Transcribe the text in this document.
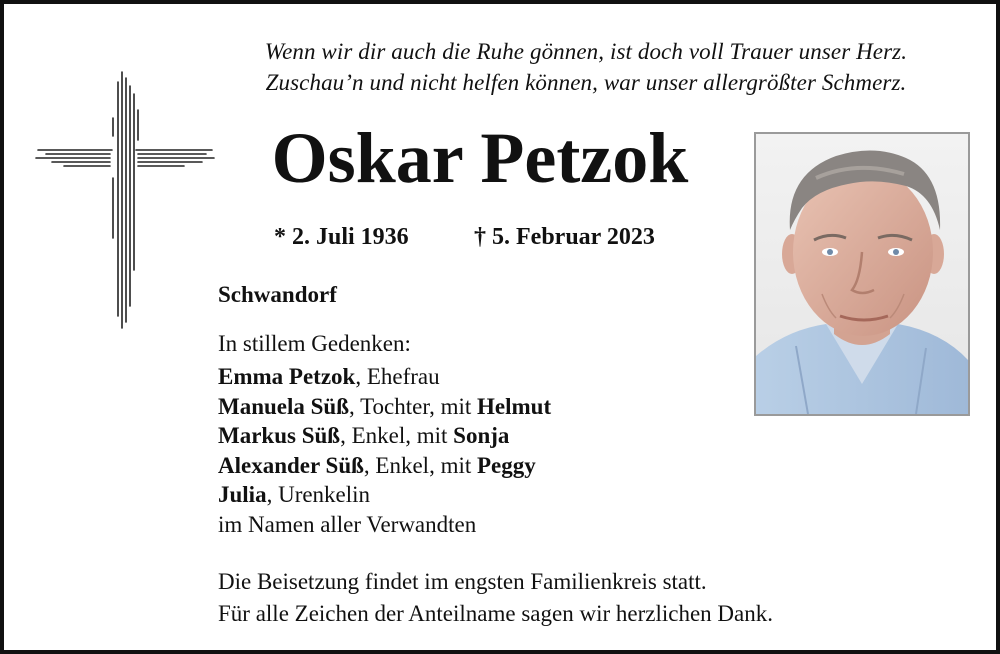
Wenn wir dir auch die Ruhe gönnen, ist doch voll Trauer unser Herz.
Zuschau’n und nicht helfen können, war unser allergrößter Schmerz.
Oskar Petzok
* 2. Juli 1936	† 5. Februar 2023
Schwandorf
In stillem Gedenken:
Emma Petzok, Ehefrau
Manuela Süß, Tochter, mit Helmut
Markus Süß, Enkel, mit Sonja
Alexander Süß, Enkel, mit Peggy
Julia, Urenkelin
im Namen aller Verwandten
Die Beisetzung findet im engsten Familienkreis statt.
Für alle Zeichen der Anteilname sagen wir herzlichen Dank.
